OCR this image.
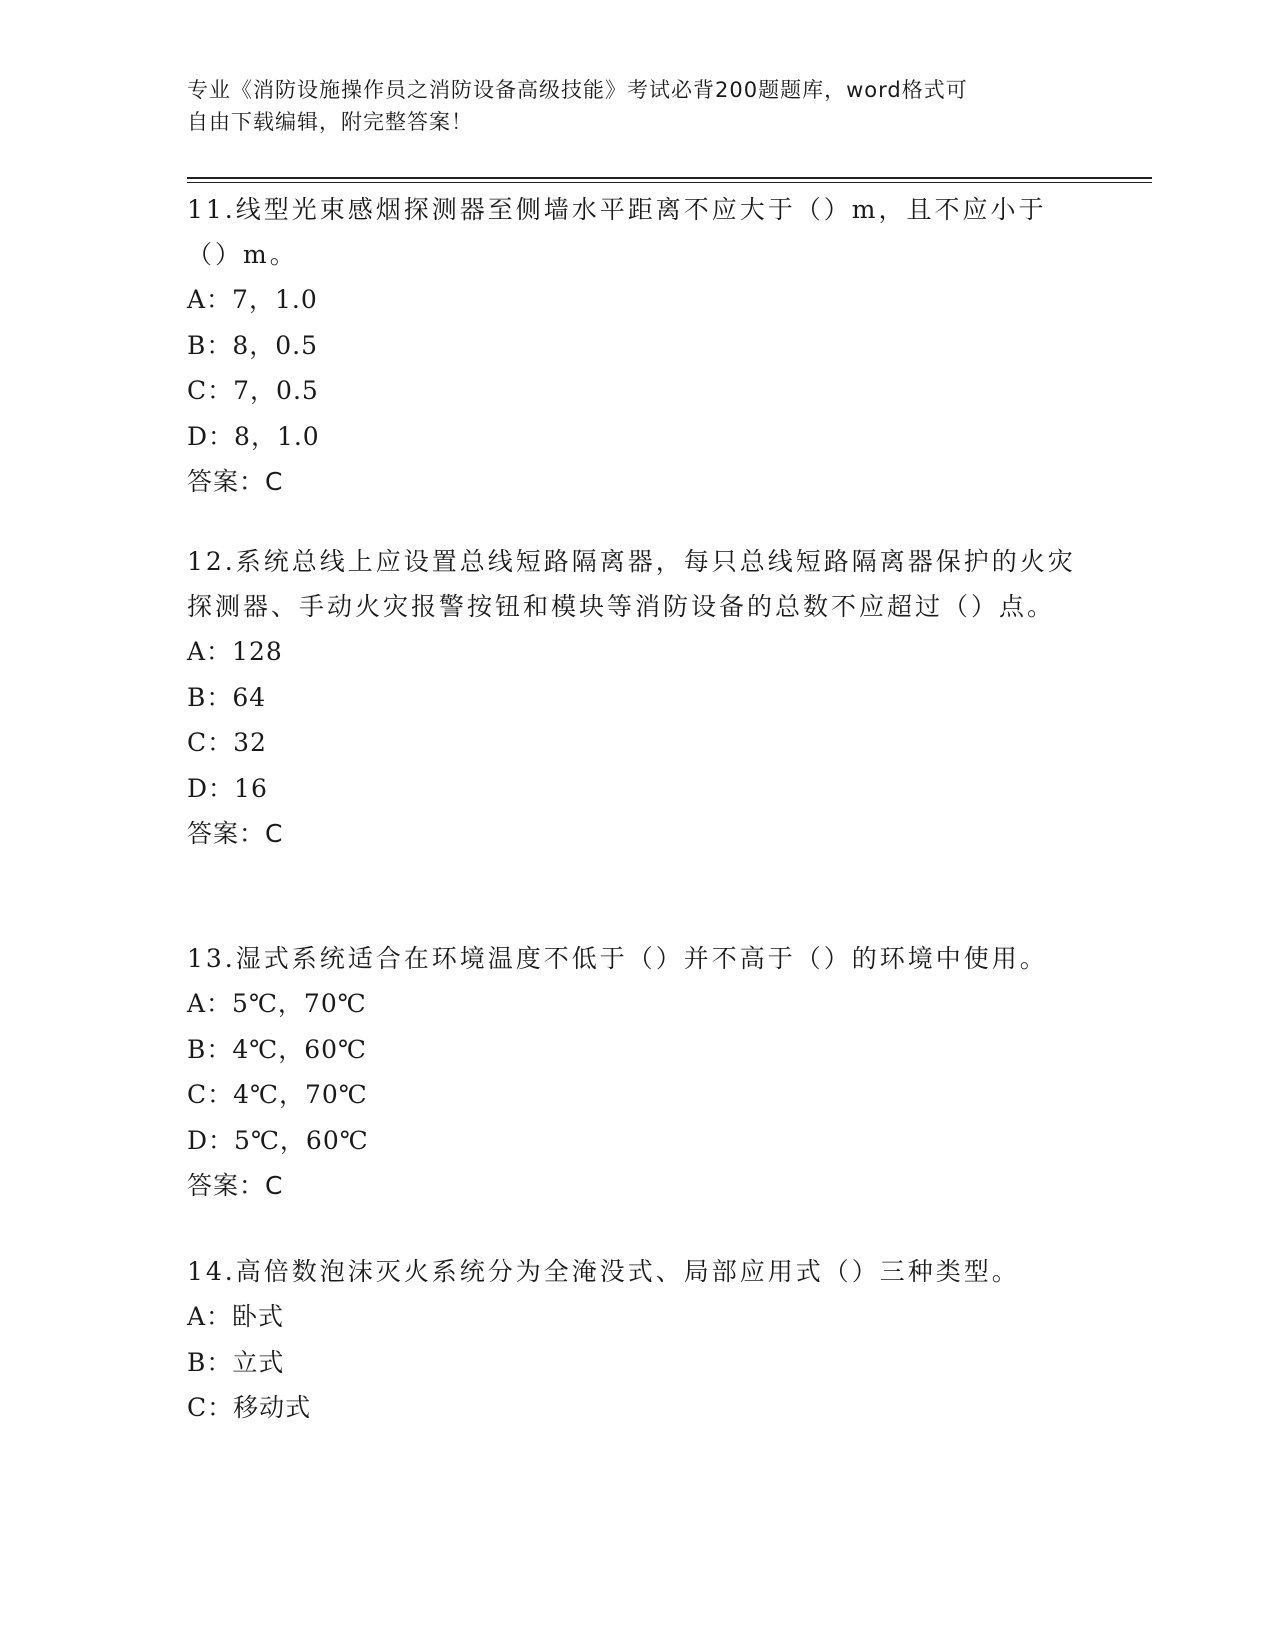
专业《消防设施操作员之消防设备高级技能》考试必背200题题库，word格式可
自由下载编辑，附完整答案！
11.线型光束感烟探测器至侧墙水平距离不应大于（）m，且不应小于（）m。
A：7，1.0
B：8，0.5
C：7，0.5
D：8，1.0
答案：C
12.系统总线上应设置总线短路隔离器，每只总线短路隔离器保护的火灾探测器、手动火灾报警按钮和模块等消防设备的总数不应超过（）点。
A：128
B：64
C：32
D：16
答案：C
13.湿式系统适合在环境温度不低于（）并不高于（）的环境中使用。
A：5℃，70℃
B：4℃，60℃
C：4℃，70℃
D：5℃，60℃
答案：C
14.高倍数泡沫灭火系统分为全淹没式、局部应用式（）三种类型。
A：卧式
B：立式
C：移动式
